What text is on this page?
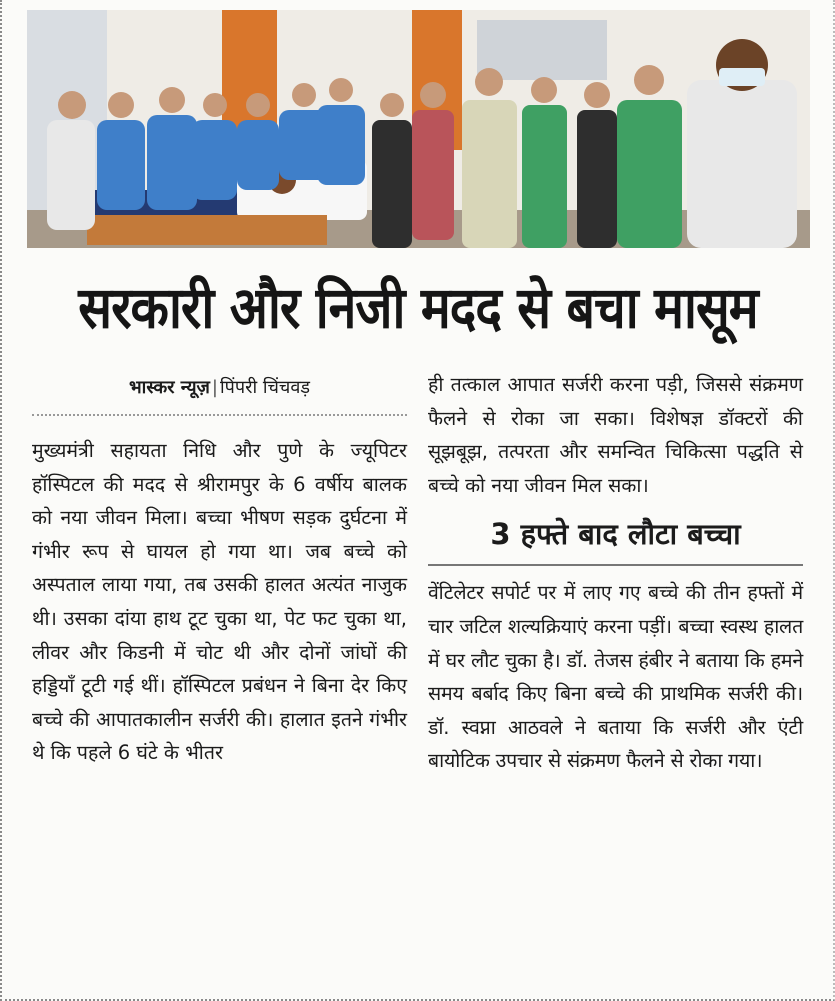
सरकारी और निजी मदद से बचा मासूम
भास्कर न्यूज़ | पिंपरी चिंचवड़

मुख्यमंत्री सहायता निधि और पुणे के ज्यूपिटर हॉस्पिटल की मदद से श्रीरामपुर के 6 वर्षीय बालक को नया जीवन मिला। बच्चा भीषण सड़क दुर्घटना में गंभीर रूप से घायल हो गया था। जब बच्चे को अस्पताल लाया गया, तब उसकी हालत अत्यंत नाजुक थी। उसका दांया हाथ टूट चुका था, पेट फट चुका था, लीवर और किडनी में चोट थी और दोनों जांघों की हड्डियाँ टूटी गई थीं। हॉस्पिटल प्रबंधन ने बिना देर किए बच्चे की आपातकालीन सर्जरी की। हालात इतने गंभीर थे कि पहले 6 घंटे के भीतर

ही तत्काल आपात सर्जरी करना पड़ी, जिससे संक्रमण फैलने से रोका जा सका। विशेषज्ञ डॉक्टरों की सूझबूझ, तत्परता और समन्वित चिकित्सा पद्धति से बच्चे को नया जीवन मिल सका।

3 हफ्ते बाद लौटा बच्चा

वेंटिलेटर सपोर्ट पर में लाए गए बच्चे की तीन हफ्तों में चार जटिल शल्यक्रियाएं करना पड़ीं। बच्चा स्वस्थ हालत में घर लौट चुका है। डॉ. तेजस हंबीर ने बताया कि हमने समय बर्बाद किए बिना बच्चे की प्राथमिक सर्जरी की। डॉ. स्वप्ना आठवले ने बताया कि सर्जरी और एंटी बायोटिक उपचार से संक्रमण फैलने से रोका गया।
